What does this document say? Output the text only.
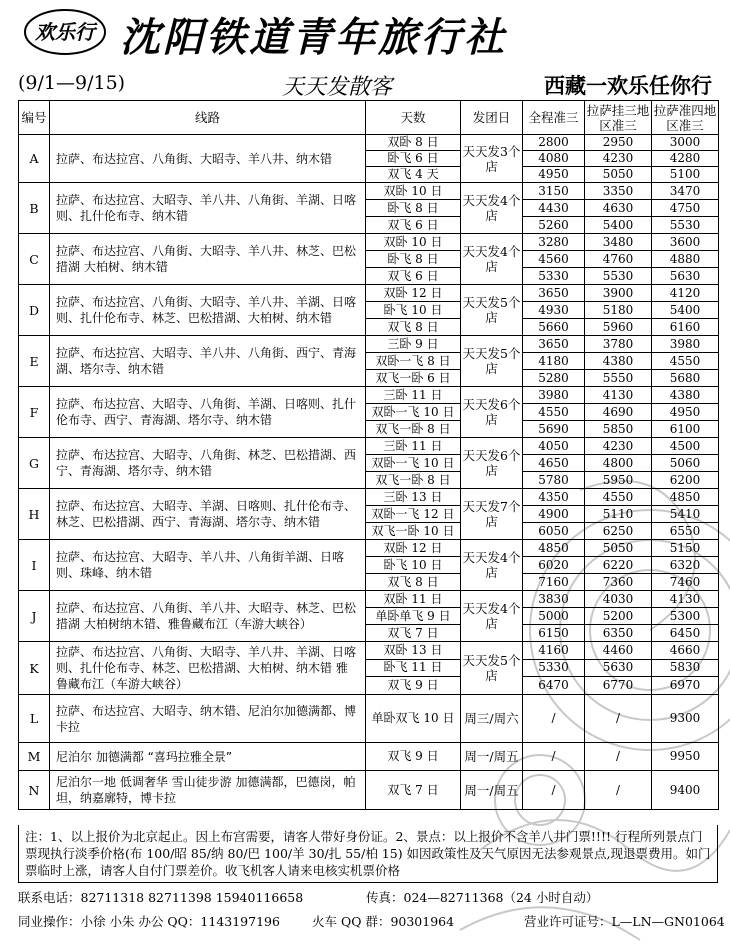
欢乐行 沈阳铁道青年旅行社
(9/1—9/15)	天天发散客	西藏一欢乐任你行
编号	线路	天数	发团日	全程准三	拉萨挂三地区准三	拉萨准四地区准三
A	拉萨、布达拉宫、八角街、大昭寺、羊八井、纳木错	双卧 8 日	天天发3个店	2800	2950	3000
		卧飞 6 日		4080	4230	4280
		双飞 4 天		4950	5050	5100
B	拉萨、布达拉宫、大昭寺、羊八井、八角街、羊湖、日喀则、扎什伦布寺、纳木错	双卧 10 日	天天发4个店	3150	3350	3470
		卧飞 8 日		4430	4630	4750
		双飞 6 日		5260	5400	5530
C	拉萨、布达拉宫、八角街、大昭寺、羊八井、林芝、巴松措湖 大柏树、纳木错	双卧 10 日	天天发4个店	3280	3480	3600
		卧飞 8 日		4560	4760	4880
		双飞 6 日		5330	5530	5630
D	拉萨、布达拉宫、八角街、大昭寺、羊八井、羊湖、日喀则、扎什伦布寺、林芝、巴松措湖、大柏树、纳木错	双卧 12 日	天天发5个店	3650	3900	4120
		卧飞 10 日		4930	5180	5400
		双飞 8 日		5660	5960	6160
E	拉萨、布达拉宫、大昭寺、羊八井、八角街、西宁、青海湖、塔尔寺、纳木错	三卧 9 日	天天发5个店	3650	3780	3980
		双卧一飞 8 日		4180	4380	4550
		双飞一卧 6 日		5280	5550	5680
F	拉萨、布达拉宫、大昭寺、八角街、羊湖、日喀则、扎什伦布寺、西宁、青海湖、塔尔寺、纳木错	三卧 11 日	天天发6个店	3980	4130	4380
		双卧一飞 10 日		4550	4690	4950
		双飞一卧 8 日		5690	5850	6100
G	拉萨、布达拉宫、大昭寺、八角街、林芝、巴松措湖、西宁、青海湖、塔尔寺、纳木错	三卧 11 日	天天发6个店	4050	4230	4500
		双卧一飞 10 日		4650	4800	5060
		双飞一卧 8 日		5780	5950	6200
H	拉萨、布达拉宫、大昭寺、羊湖、日喀则、扎什伦布寺、林芝、巴松措湖、西宁、青海湖、塔尔寺、纳木错	三卧 13 日	天天发7个店	4350	4550	4850
		双卧一飞 12 日		4900	5110	5410
		双飞一卧 10 日		6050	6250	6550
I	拉萨、布达拉宫、大昭寺、羊八井、八角街羊湖、日喀则、珠峰、纳木错	双卧 12 日	天天发4个店	4850	5050	5150
		卧飞 10 日		6020	6220	6320
		双飞 8 日		7160	7360	7460
J	拉萨、布达拉宫、八角街、羊八井、大昭寺、林芝、巴松措湖 大柏树纳木错、雅鲁藏布江（车游大峡谷）	双卧 11 日	天天发4个店	3830	4030	4130
		单卧单飞 9 日		5000	5200	5300
		双飞 7 日		6150	6350	6450
K	拉萨、布达拉宫、八角街、大昭寺、羊八井、羊湖、日喀则、扎什伦布寺、林芝、巴松措湖、大柏树、纳木错 雅鲁藏布江（车游大峡谷）	双卧 13 日	天天发5个店	4160	4460	4660
		卧飞 11 日		5330	5630	5830
		双飞 9 日		6470	6770	6970
L	拉萨、布达拉宫、大昭寺、纳木错、尼泊尔加德满都、博卡拉	单卧双飞 10 日	周三/周六	/	/	9300
M	尼泊尔 加德满都 “喜玛拉雅全景”	双飞 9 日	周一/周五	/	/	9950
N	尼泊尔一地 低调奢华 雪山徒步游 加德满都，巴德岗，帕坦，纳嘉廓特，博卡拉	双飞 7 日	周一/周五	/	/	9400
注：1、以上报价为北京起止。因上布宫需要，请客人带好身份证。2、景点：以上报价不含羊八井门票!!!! 行程所列景点门票现执行淡季价格(布 100/昭 85/纳 80/巴 100/羊 30/扎 55/柏 15) 如因政策性及天气原因无法参观景点,现退票费用。如门票临时上涨，请客人自付门票差价。收飞机客人请来电核实机票价格
联系电话：82711318 82711398 15940116658	传真：024—82711368（24 小时自动）
同业操作：小徐 小朱 办公 QQ：1143197196	火车 QQ 群：90301964	营业许可证号：L—LN—GN01064
